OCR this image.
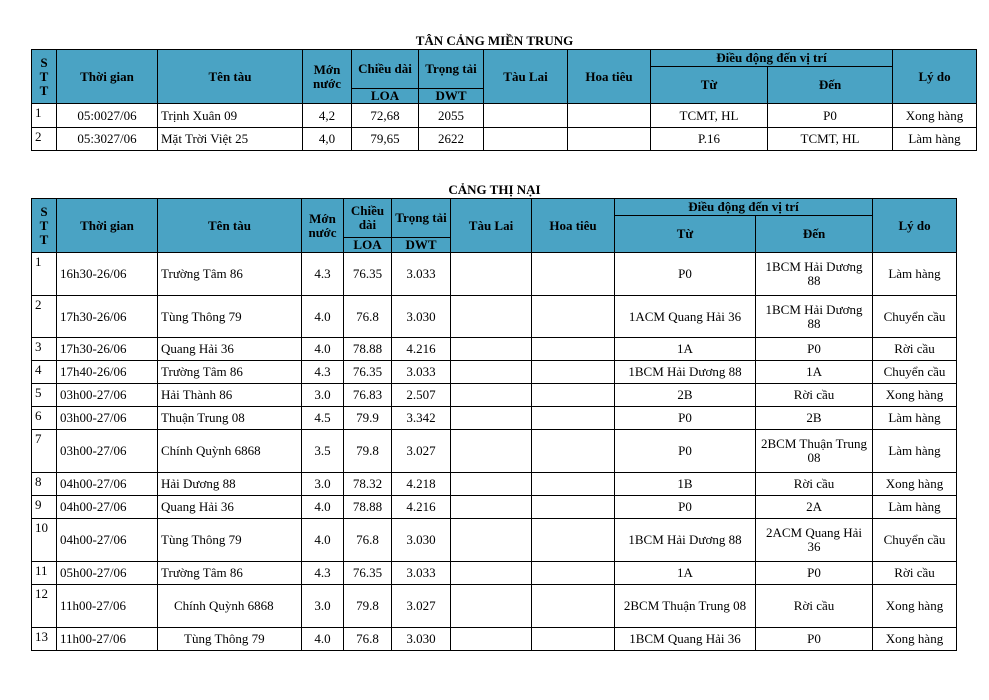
TÂN CẢNG MIỀN TRUNG
S
T
T	Thời gian	Tên tàu	Mớn nước	Chiều dài	Trọng tải	Tàu Lai	Hoa tiêu	Điều động đến vị trí		Lý do
								Từ	Đến	
				LOA	DWT					
1	05:0027/06	Trịnh Xuân 09	4,2	72,68	2055			TCMT, HL	P0	Xong hàng
2	05:3027/06	Mặt Trời Việt 25	4,0	79,65	2622			P.16	TCMT, HL	Làm hàng
CẢNG THỊ NẠI
S
T
T	Thời gian	Tên tàu	Mớn nước	Chiều dài	Trọng tải	Tàu Lai	Hoa tiêu	Điều động đến vị trí		Lý do
								Từ	Đến	
				LOA	DWT					
1	16h30-26/06	Trường Tâm 86	4.3	76.35	3.033			P0	1BCM Hải Dương 88	Làm hàng
2	17h30-26/06	Tùng Thông 79	4.0	76.8	3.030			1ACM Quang Hải 36	1BCM Hải Dương 88	Chuyển cầu
3	17h30-26/06	Quang Hải 36	4.0	78.88	4.216			1A	P0	Rời cầu
4	17h40-26/06	Trường Tâm 86	4.3	76.35	3.033			1BCM Hải Dương 88	1A	Chuyển cầu
5	03h00-27/06	Hải Thành 86	3.0	76.83	2.507			2B	Rời cầu	Xong hàng
6	03h00-27/06	Thuận Trung 08	4.5	79.9	3.342			P0	2B	Làm hàng
7	03h00-27/06	Chính Quỳnh 6868	3.5	79.8	3.027			P0	2BCM Thuận Trung 08	Làm hàng
8	04h00-27/06	Hải Dương 88	3.0	78.32	4.218			1B	Rời cầu	Xong hàng
9	04h00-27/06	Quang Hải 36	4.0	78.88	4.216			P0	2A	Làm hàng
10	04h00-27/06	Tùng Thông 79	4.0	76.8	3.030			1BCM Hải Dương 88	2ACM Quang Hải 36	Chuyển cầu
11	05h00-27/06	Trường Tâm 86	4.3	76.35	3.033			1A	P0	Rời cầu
12	11h00-27/06	Chính Quỳnh 6868	3.0	79.8	3.027			2BCM Thuận Trung 08	Rời cầu	Xong hàng
13	11h00-27/06	Tùng Thông 79	4.0	76.8	3.030			1BCM Quang Hải 36	P0	Xong hàng
